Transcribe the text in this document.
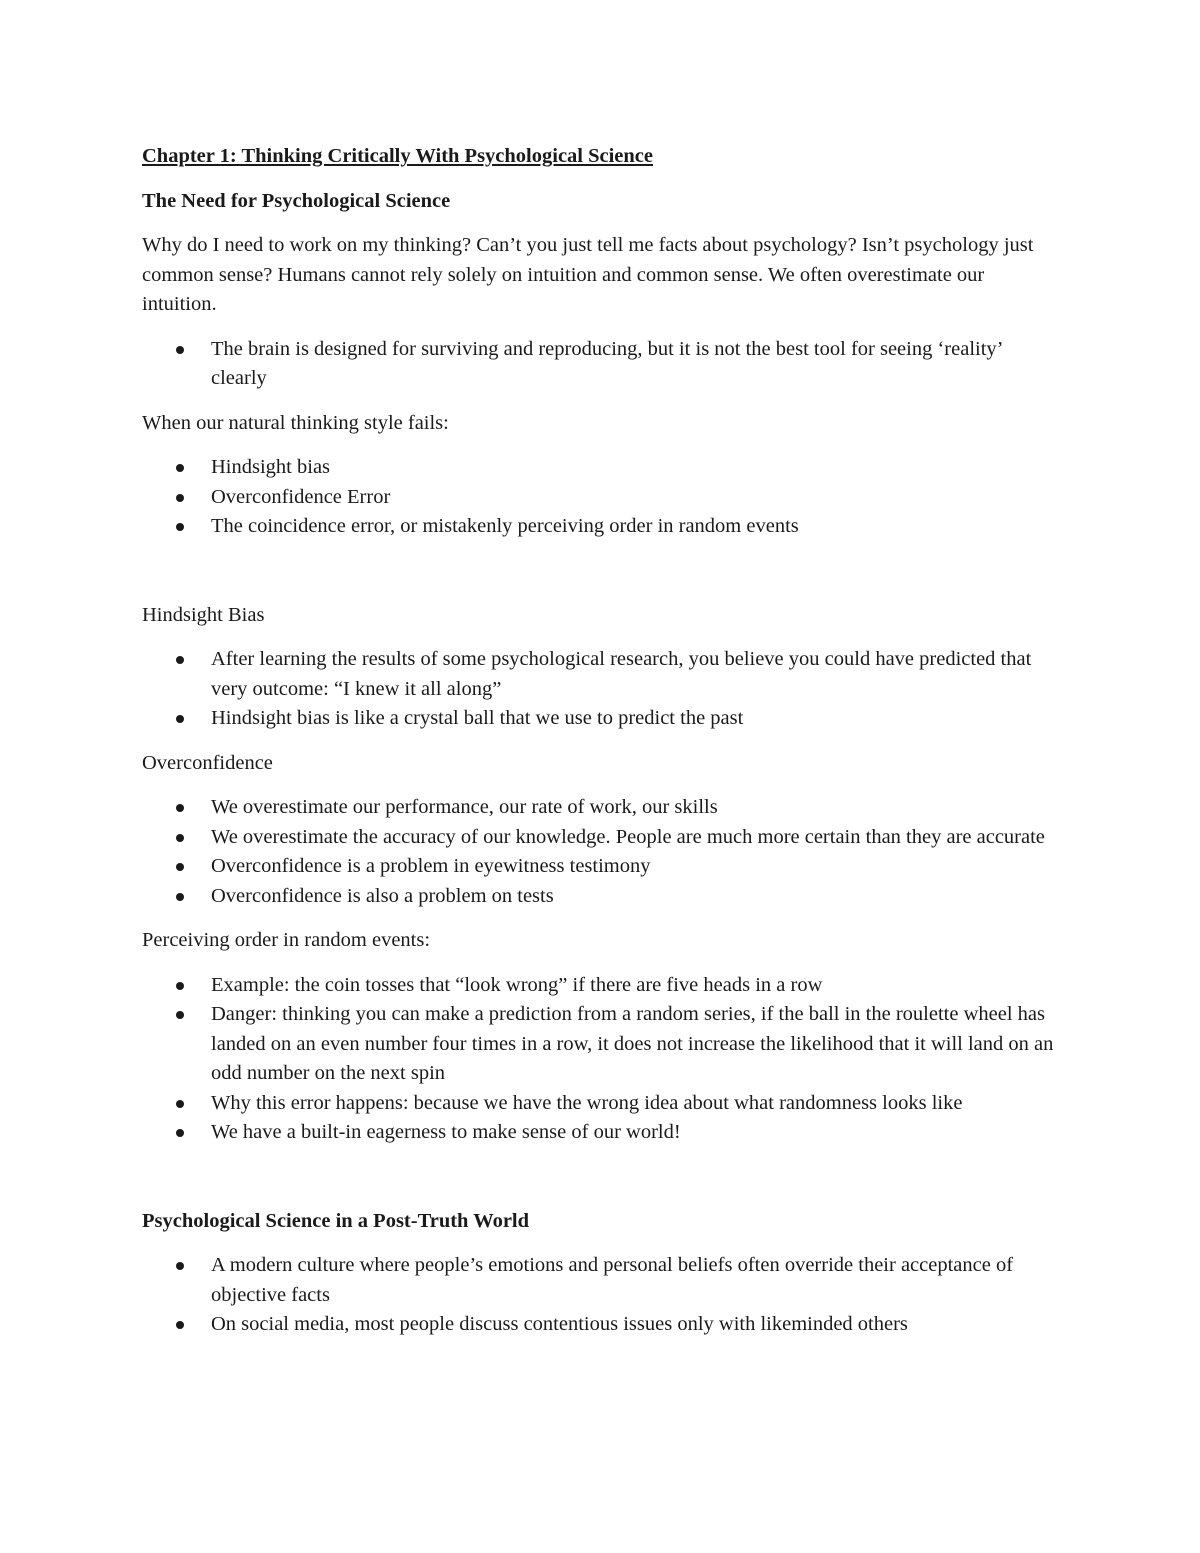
Chapter 1: Thinking Critically With Psychological Science
The Need for Psychological Science

Why do I need to work on my thinking? Can’t you just tell me facts about psychology? Isn’t psychology just common sense? Humans cannot rely solely on intuition and common sense. We often overestimate our intuition.

The brain is designed for surviving and reproducing, but it is not the best tool for seeing ‘reality’ clearly

When our natural thinking style fails:

Hindsight bias
Overconfidence Error
The coincidence error, or mistakenly perceiving order in random events

Hindsight Bias

After learning the results of some psychological research, you believe you could have predicted that very outcome: “I knew it all along”
Hindsight bias is like a crystal ball that we use to predict the past

Overconfidence

We overestimate our performance, our rate of work, our skills
We overestimate the accuracy of our knowledge. People are much more certain than they are accurate
Overconfidence is a problem in eyewitness testimony
Overconfidence is also a problem on tests

Perceiving order in random events:

Example: the coin tosses that “look wrong” if there are five heads in a row
Danger: thinking you can make a prediction from a random series, if the ball in the roulette wheel has landed on an even number four times in a row, it does not increase the likelihood that it will land on an odd number on the next spin
Why this error happens: because we have the wrong idea about what randomness looks like
We have a built-in eagerness to make sense of our world!
Psychological Science in a Post-Truth World
A modern culture where people’s emotions and personal beliefs often override their acceptance of objective facts
On social media, most people discuss contentious issues only with likeminded others
